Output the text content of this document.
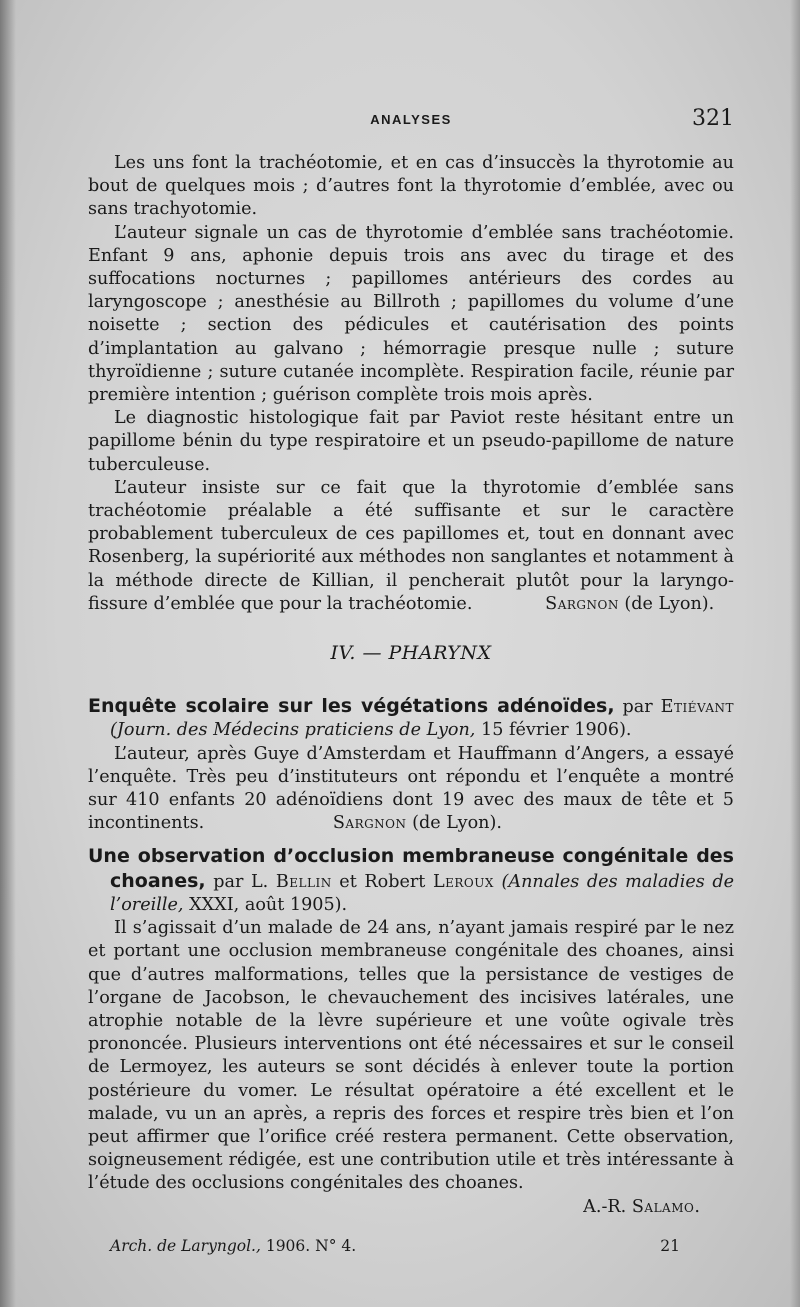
ANALYSES	321

Les uns font la trachéotomie, et en cas d’insuccès la thyrotomie au bout de quelques mois ; d’autres font la thyrotomie d’emblée, avec ou sans trachyotomie.

L’auteur signale un cas de thyrotomie d’emblée sans trachéotomie. Enfant 9 ans, aphonie depuis trois ans avec du tirage et des suffocations nocturnes ; papillomes antérieurs des cordes au laryngoscope ; anesthésie au Billroth ; papillomes du volume d’une noisette ; section des pédicules et cautérisation des points d’implantation au galvano ; hémorragie presque nulle ; suture thyroïdienne ; suture cutanée incomplète. Respiration facile, réunie par première intention ; guérison complète trois mois après.

Le diagnostic histologique fait par Paviot reste hésitant entre un papillome bénin du type respiratoire et un pseudo-papillome de nature tuberculeuse.

L’auteur insiste sur ce fait que la thyrotomie d’emblée sans trachéotomie préalable a été suffisante et sur le caractère probablement tuberculeux de ces papillomes et, tout en donnant avec Rosenberg, la supériorité aux méthodes non sanglantes et notamment à la méthode directe de Killian, il pencherait plutôt pour la laryngo-fissure d’emblée que pour la trachéotomie.	Sargnon (de Lyon).

IV. — PHARYNX

Enquête scolaire sur les végétations adénoïdes, par Etiévant (Journ. des Médecins praticiens de Lyon, 15 février 1906).

L’auteur, après Guye d’Amsterdam et Hauffmann d’Angers, a essayé l’enquête. Très peu d’instituteurs ont répondu et l’enquête a montré sur 410 enfants 20 adénoïdiens dont 19 avec des maux de tête et 5 incontinents.	Sargnon (de Lyon).

Une observation d’occlusion membraneuse congénitale des choanes, par L. Bellin et Robert Leroux (Annales des maladies de l’oreille, XXXI, août 1905).

Il s’agissait d’un malade de 24 ans, n’ayant jamais respiré par le nez et portant une occlusion membraneuse congénitale des choanes, ainsi que d’autres malformations, telles que la persistance de vestiges de l’organe de Jacobson, le chevauchement des incisives latérales, une atrophie notable de la lèvre supérieure et une voûte ogivale très prononcée. Plusieurs interventions ont été nécessaires et sur le conseil de Lermoyez, les auteurs se sont décidés à enlever toute la portion postérieure du vomer. Le résultat opératoire a été excellent et le malade, vu un an après, a repris des forces et respire très bien et l’on peut affirmer que l’orifice créé restera permanent. Cette observation, soigneusement rédigée, est une contribution utile et très intéressante à l’étude des occlusions congénitales des choanes.

A.-R. Salamo.

Arch. de Laryngol., 1906. N° 4.	21
